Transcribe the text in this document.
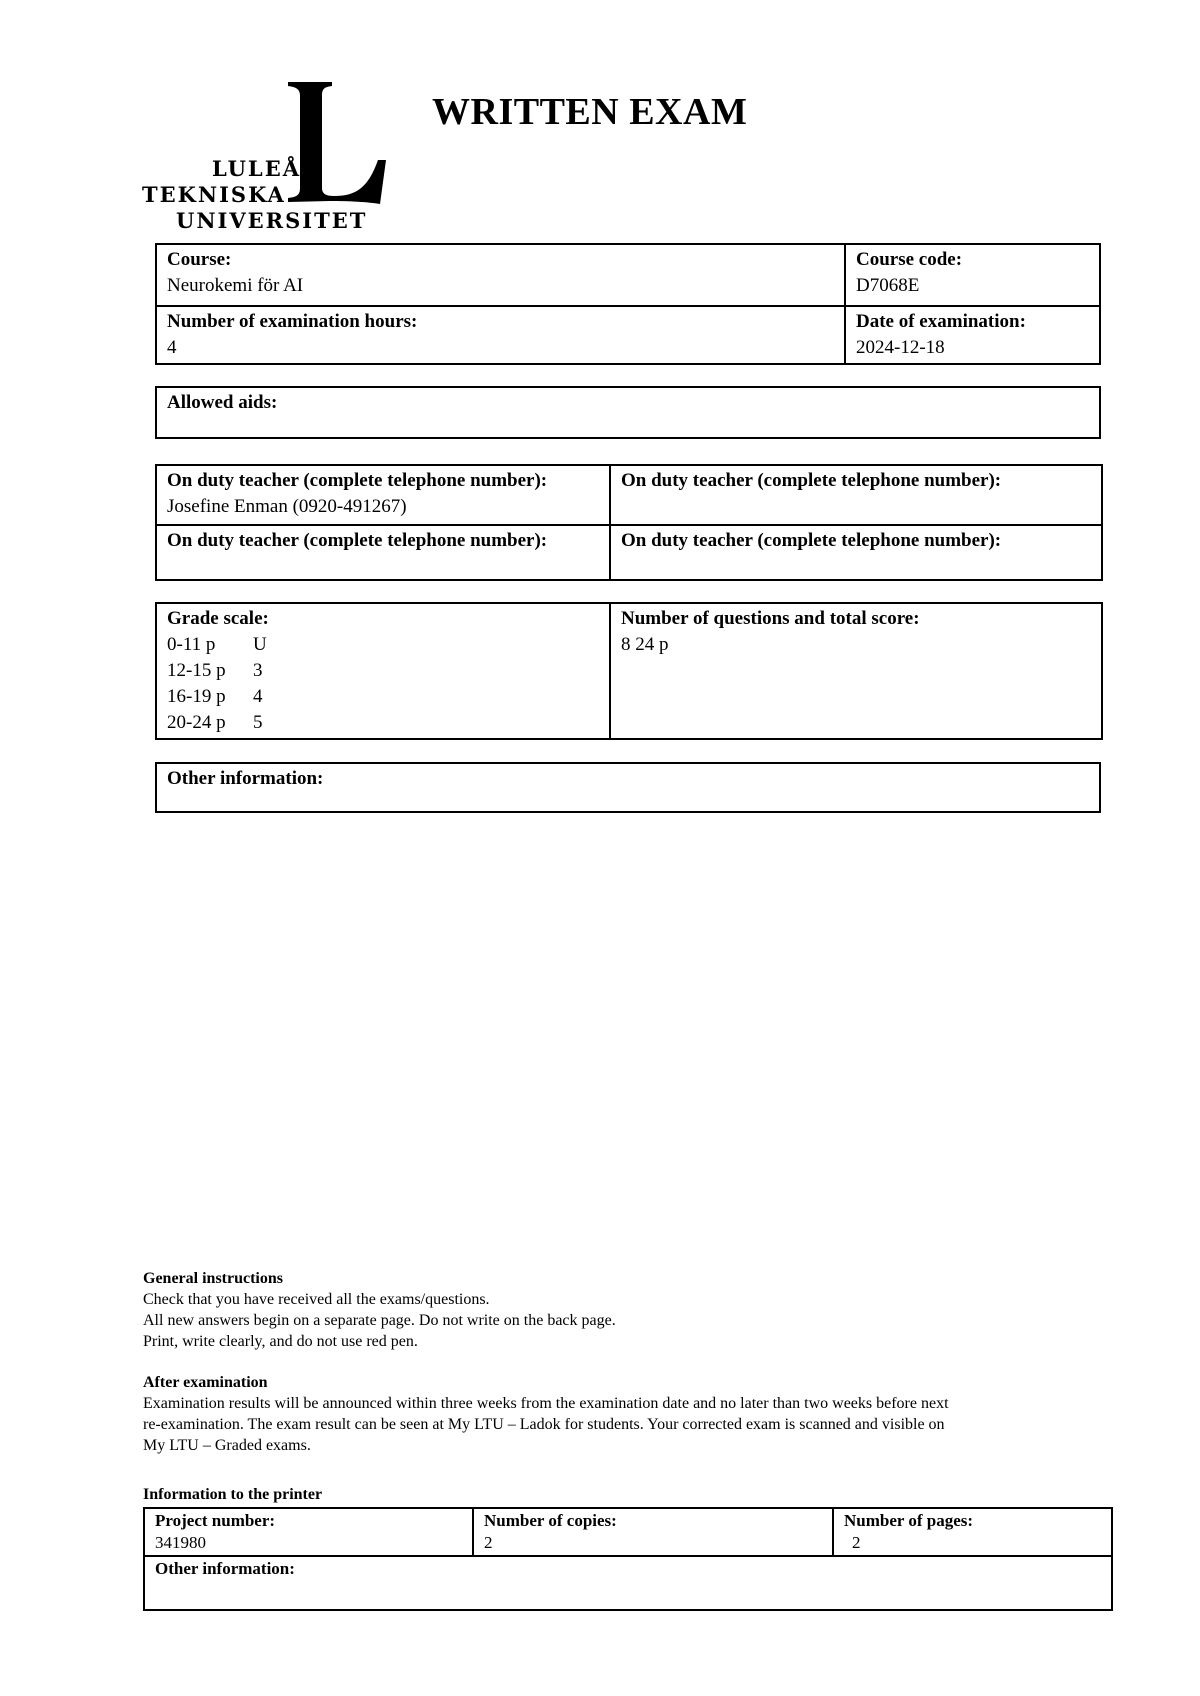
LULEÅ
TEKNISKA
UNIVERSITET
WRITTEN EXAM
Course:
Neurokemi för AI	Course code:
D7068E

Number of examination hours:
4	Date of examination:
2024-12-18
Allowed aids:
On duty teacher (complete telephone number):
Josefine Enman (0920-491267)	On duty teacher (complete telephone number):

On duty teacher (complete telephone number):	On duty teacher (complete telephone number):
Grade scale:
0-11 p U
12-15 p 3
16-19 p 4
20-24 p 5

Number of questions and total score:
8 24 p
Other information:
General instructions
Check that you have received all the exams/questions.
All new answers begin on a separate page. Do not write on the back page.
Print, write clearly, and do not use red pen.
After examination
Examination results will be announced within three weeks from the examination date and no later than two weeks before next
re-examination. The exam result can be seen at My LTU – Ladok for students. Your corrected exam is scanned and visible on
My LTU – Graded exams.
Information to the printer
Project number:
341980

Number of copies:
2

Number of pages:
2

Other information:
